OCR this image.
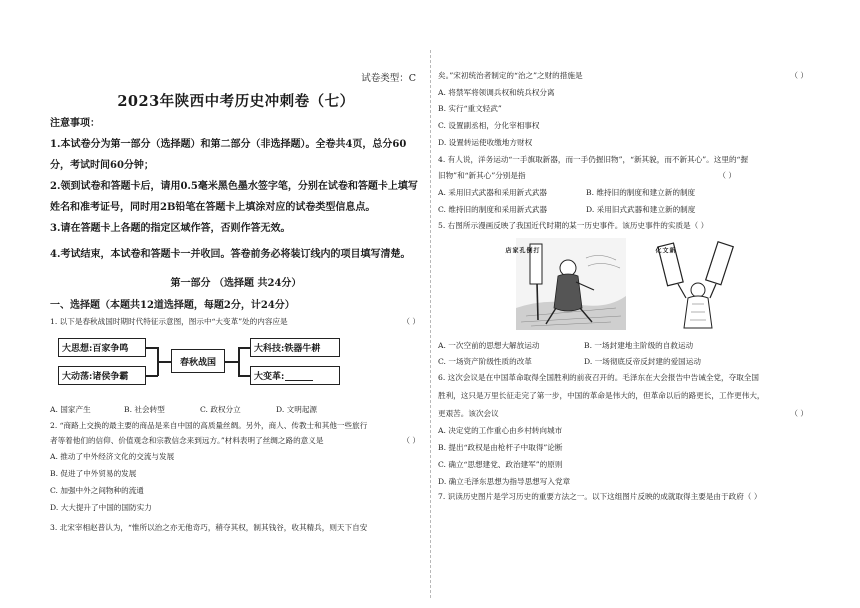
试卷类型：C
2023年陕西中考历史冲刺卷（七）
注意事项：
1.本试卷分为第一部分（选择题）和第二部分（非选择题）。全卷共4页，总分60分，考试时间60分钟；
2.领到试卷和答题卡后，请用0.5毫米黑色墨水签字笔，分别在试卷和答题卡上填写姓名和准考证号，同时用2B铅笔在答题卡上填涂对应的试卷类型信息点。
3.请在答题卡上各题的指定区域作答，否则作答无效。
4.考试结束，本试卷和答题卡一并收回。答卷前务必将装订线内的项目填写清楚。
第一部分 （选择题 共24分）
一、选择题（本题共12道选择题，每题2分，计24分）
1. 以下是春秋战国时期时代特征示意图，图示中“大变革”处的内容应是	（ ）
大思想:百家争鸣
大动荡:诸侯争霸
春秋战国
大科技:铁器牛耕
大变革:
A. 国家产生	B. 社会转型	C. 政权分立	D. 文明起源
2. “商路上交换的最主要的商品是来自中国的高质量丝绸。另外，商人、传教士和其他一些旅行
者等着他们的信仰、价值观念和宗教信念来到远方。”材料表明了丝绸之路的意义是	（ ）
A. 推动了中外经济文化的交流与发展
B. 促进了中外贸易的发展
C. 加强中外之间物种的流通
D. 大大提升了中国的国防实力
3. 北宋宰相赵普认为，“惟所以治之亦无他奇巧，稍夺其权，制其钱谷，收其精兵，则天下自安
矣。”宋初统治者制定的“治之”之财的措施是	（ ）
A. 将禁军将领调兵权和统兵权分离
B. 实行“重文轻武”
C. 设置副丞相，分化宰相事权
D. 设置转运使收缴地方财权
4. 有人说，洋务运动“一手旗取新器，而一手仍握旧物”，“新其貌，而不新其心”。这里的“握
旧物”和“新其心”分别是指	（ ）
A. 采用旧式武器和采用新式武器	B. 维持旧的制度和建立新的制度
C. 维持旧的制度和采用新式武器	D. 采用旧式武器和建立新的制度
5. 右图所示漫画反映了我国近代时期的某一历史事件。该历史事件的实质是（ ）
打倒孔家店	新文化
A. 一次空前的思想大解放运动	B. 一场封建地主阶级的自救运动
C. 一场资产阶级性质的改革	D. 一场彻底反帝反封建的爱国运动
6. 这次会议是在中国革命取得全国胜利的前夜召开的。毛泽东在大会报告中告诫全党，夺取全国
胜利，这只是万里长征走完了第一步，中国的革命是伟大的，但革命以后的路更长，工作更伟大，
更艰苦。该次会议	（ ）
A. 决定党的工作重心由乡村转向城市
B. 提出“政权是由枪杆子中取得”论断
C. 确立“思想建党、政治建军”的原则
D. 确立毛泽东思想为指导思想写入党章
7. 识读历史图片是学习历史的重要方法之一。以下这组图片反映的成就取得主要是由于政府（ ）
